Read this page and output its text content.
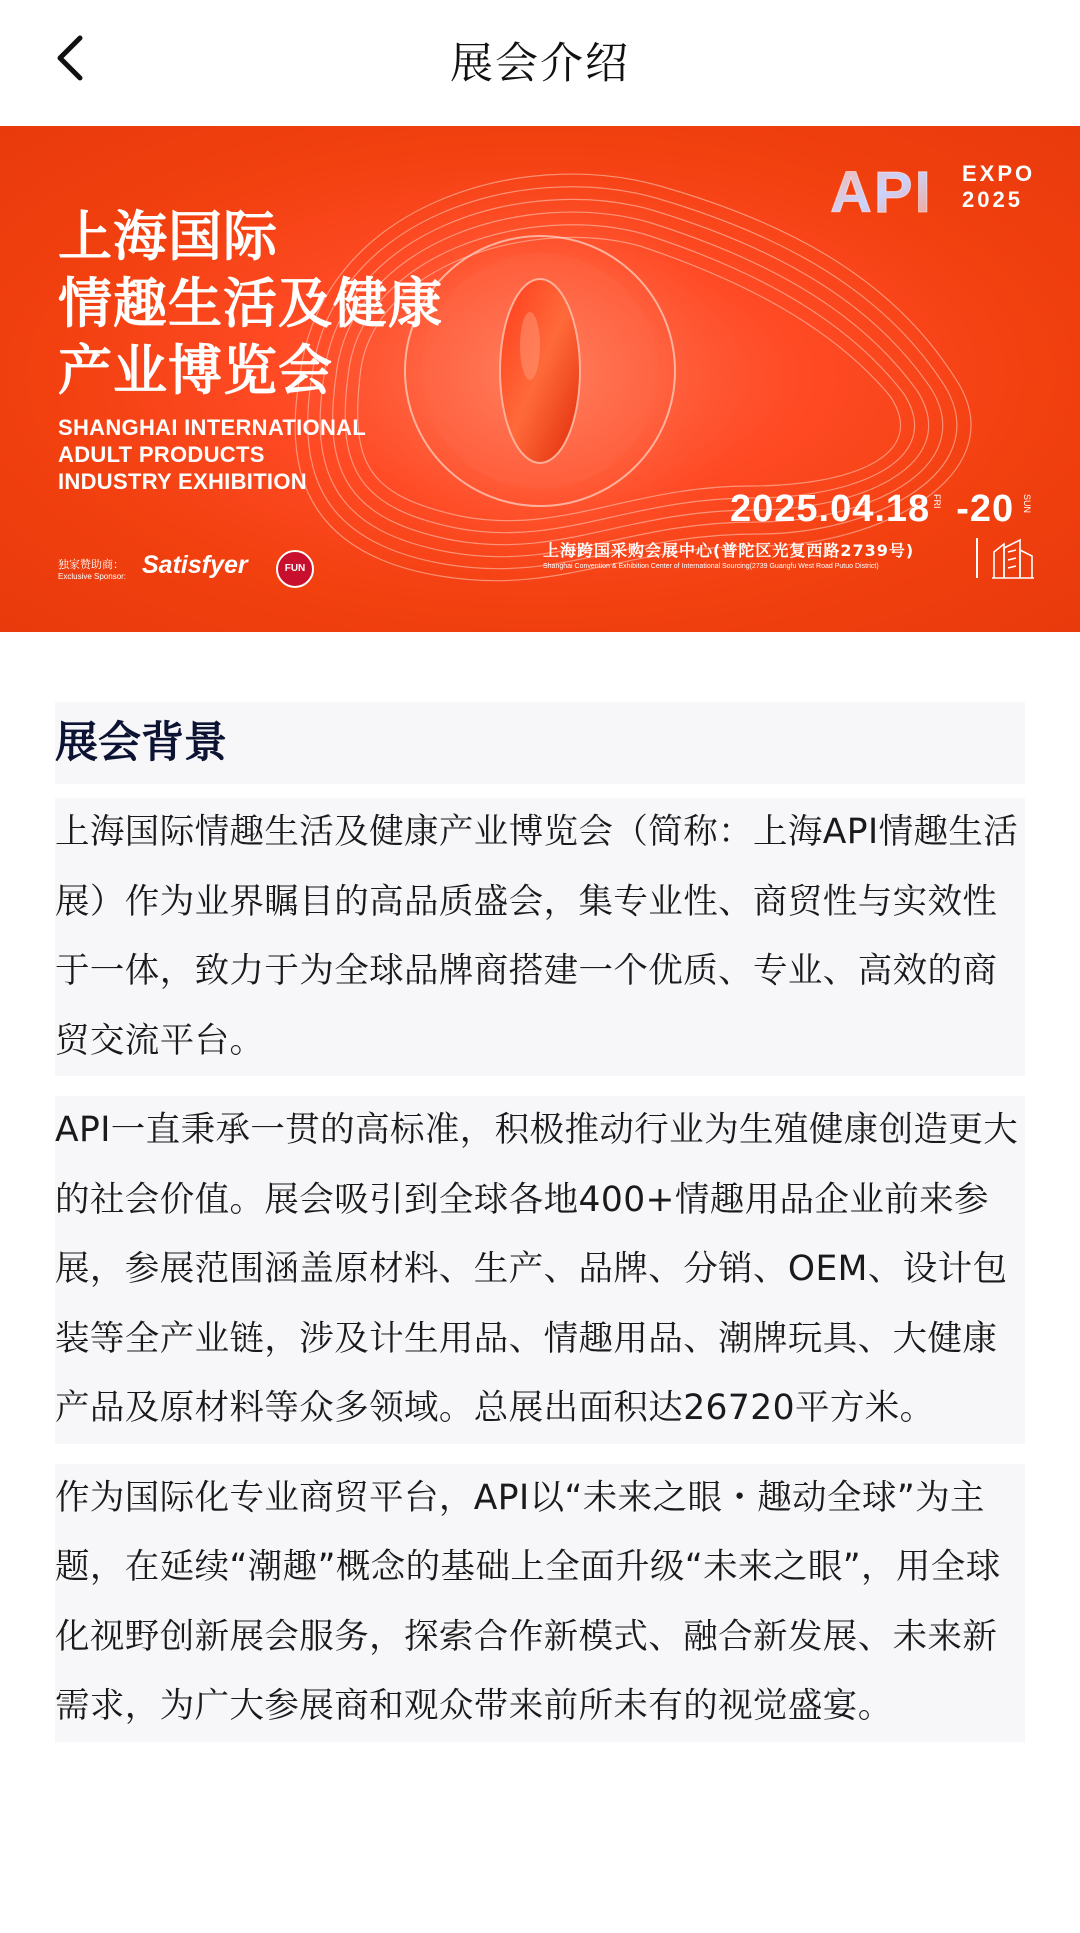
展会介绍
上海国际
情趣生活及健康
产业博览会
SHANGHAI INTERNATIONAL
ADULT PRODUCTS
INDUSTRY EXHIBITION
独家赞助商：
Exclusive Sponsor: Satisfyer	FUN
API EXPO
2025
2025.04.18 -20
FRI	SUN
上海跨国采购会展中心(普陀区光复西路2739号)
Shanghai Convention & Exhibition Center of International Sourcing(2739 Guangfu West Road Putuo District)
展会背景

上海国际情趣生活及健康产业博览会（简称：上海API情趣生活展）作为业界瞩目的高品质盛会，集专业性、商贸性与实效性于一体，致力于为全球品牌商搭建一个优质、专业、高效的商贸交流平台。

API一直秉承一贯的高标准，积极推动行业为生殖健康创造更大的社会价值。展会吸引到全球各地400+情趣用品企业前来参展，参展范围涵盖原材料、生产、品牌、分销、OEM、设计包装等全产业链，涉及计生用品、情趣用品、潮牌玩具、大健康产品及原材料等众多领域。总展出面积达26720平方米。

作为国际化专业商贸平台，API以“未来之眼・趣动全球”为主题，在延续“潮趣”概念的基础上全面升级“未来之眼”，用全球化视野创新展会服务，探索合作新模式、融合新发展、未来新需求，为广大参展商和观众带来前所未有的视觉盛宴。
